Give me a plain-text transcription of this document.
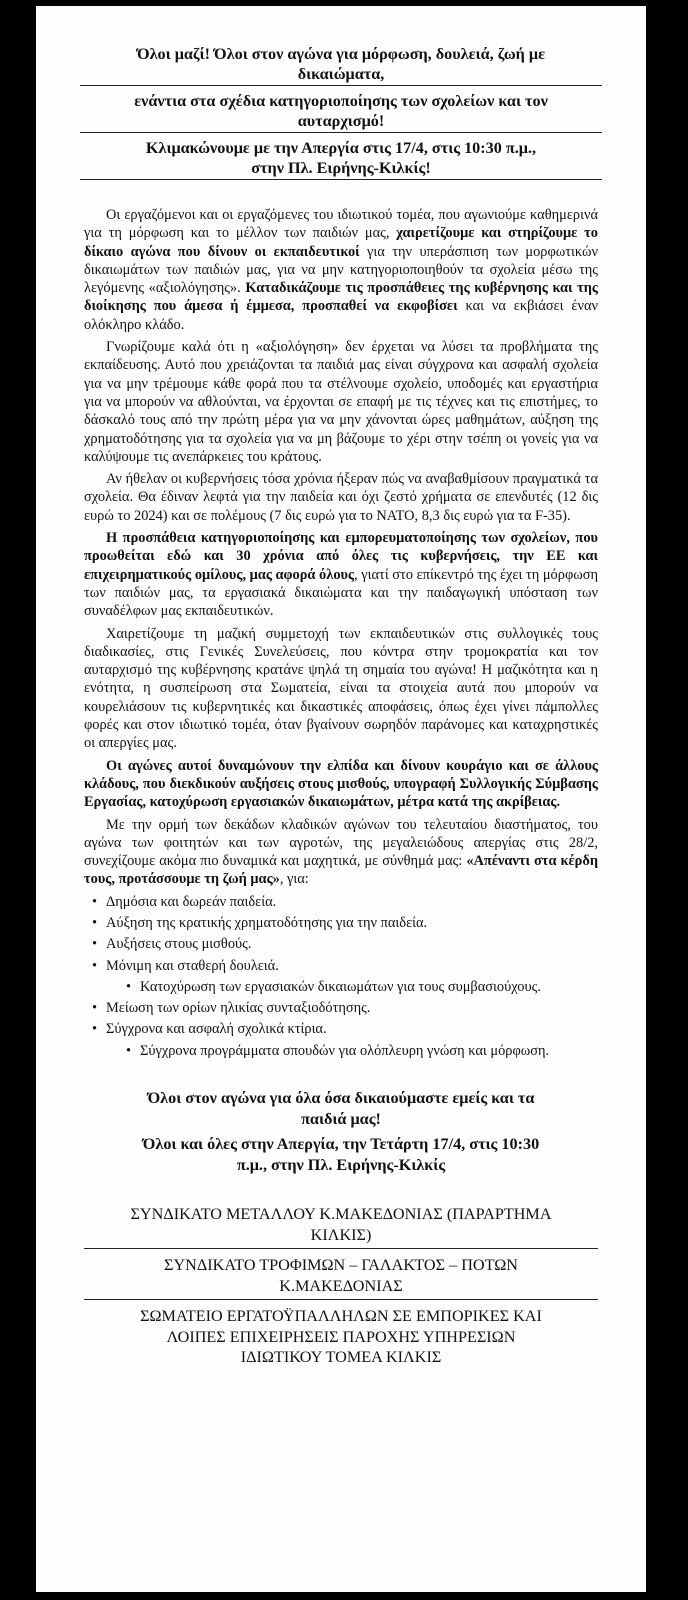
Όλοι μαζί! Όλοι στον αγώνα για μόρφωση, δουλειά, ζωή με
δικαιώματα,
ενάντια στα σχέδια κατηγοριοποίησης των σχολείων και τον
αυταρχισμό!
Κλιμακώνουμε με την Απεργία στις 17/4, στις 10:30 π.μ.,
στην Πλ. Ειρήνης-Κιλκίς!

Οι εργαζόμενοι και οι εργαζόμενες του ιδιωτικού τομέα, που αγωνιούμε καθημερινά για τη μόρφωση και το μέλλον των παιδιών μας, χαιρετίζουμε και στηρίζουμε το δίκαιο αγώνα που δίνουν οι εκπαιδευτικοί για την υπεράσπιση των μορφωτικών δικαιωμάτων των παιδιών μας, για να μην κατηγοριοποιηθούν τα σχολεία μέσω της λεγόμενης «αξιολόγησης». Καταδικάζουμε τις προσπάθειες της κυβέρνησης και της διοίκησης που άμεσα ή έμμεσα, προσπαθεί να εκφοβίσει και να εκβιάσει έναν ολόκληρο κλάδο.

Γνωρίζουμε καλά ότι η «αξιολόγηση» δεν έρχεται να λύσει τα προβλήματα της εκπαίδευσης. Αυτό που χρειάζονται τα παιδιά μας είναι σύγχρονα και ασφαλή σχολεία για να μην τρέμουμε κάθε φορά που τα στέλνουμε σχολείο, υποδομές και εργαστήρια για να μπορούν να αθλούνται, να έρχονται σε επαφή με τις τέχνες και τις επιστήμες, το δάσκαλό τους από την πρώτη μέρα για να μην χάνονται ώρες μαθημάτων, αύξηση της χρηματοδότησης για τα σχολεία για να μη βάζουμε το χέρι στην τσέπη οι γονείς για να καλύψουμε τις ανεπάρκειες του κράτους.

Αν ήθελαν οι κυβερνήσεις τόσα χρόνια ήξεραν πώς να αναβαθμίσουν πραγματικά τα σχολεία. Θα έδιναν λεφτά για την παιδεία και όχι ζεστό χρήματα σε επενδυτές (12 δις ευρώ το 2024) και σε πολέμους (7 δις ευρώ για το ΝΑΤΟ, 8,3 δις ευρώ για τα F-35).

Η προσπάθεια κατηγοριοποίησης και εμπορευματοποίησης των σχολείων, που προωθείται εδώ και 30 χρόνια από όλες τις κυβερνήσεις, την ΕΕ και επιχειρηματικούς ομίλους, μας αφορά όλους, γιατί στο επίκεντρό της έχει τη μόρφωση των παιδιών μας, τα εργασιακά δικαιώματα και την παιδαγωγική υπόσταση των συναδέλφων μας εκπαιδευτικών.

Χαιρετίζουμε τη μαζική συμμετοχή των εκπαιδευτικών στις συλλογικές τους διαδικασίες, στις Γενικές Συνελεύσεις, που κόντρα στην τρομοκρατία και τον αυταρχισμό της κυβέρνησης κρατάνε ψηλά τη σημαία του αγώνα! Η μαζικότητα και η ενότητα, η συσπείρωση στα Σωματεία, είναι τα στοιχεία αυτά που μπορούν να κουρελιάσουν τις κυβερνητικές και δικαστικές αποφάσεις, όπως έχει γίνει πάμπολλες φορές και στον ιδιωτικό τομέα, όταν βγαίνουν σωρηδόν παράνομες και καταχρηστικές οι απεργίες μας.

Οι αγώνες αυτοί δυναμώνουν την ελπίδα και δίνουν κουράγιο και σε άλλους κλάδους, που διεκδικούν αυξήσεις στους μισθούς, υπογραφή Συλλογικής Σύμβασης Εργασίας, κατοχύρωση εργασιακών δικαιωμάτων, μέτρα κατά της ακρίβειας.

Με την ορμή των δεκάδων κλαδικών αγώνων του τελευταίου διαστήματος, του αγώνα των φοιτητών και των αγροτών, της μεγαλειώδους απεργίας στις 28/2, συνεχίζουμε ακόμα πιο δυναμικά και μαχητικά, με σύνθημά μας: «Απέναντι στα κέρδη τους, προτάσσουμε τη ζωή μας», για:

• Δημόσια και δωρεάν παιδεία.
• Αύξηση της κρατικής χρηματοδότησης για την παιδεία.
• Αυξήσεις στους μισθούς.
• Μόνιμη και σταθερή δουλειά.
• Κατοχύρωση των εργασιακών δικαιωμάτων για τους συμβασιούχους.
• Μείωση των ορίων ηλικίας συνταξιοδότησης.
• Σύγχρονα και ασφαλή σχολικά κτίρια.
• Σύγχρονα προγράμματα σπουδών για ολόπλευρη γνώση και μόρφωση.
Όλοι στον αγώνα για όλα όσα δικαιούμαστε εμείς και τα
παιδιά μας!
Όλοι και όλες στην Απεργία, την Τετάρτη 17/4, στις 10:30
π.μ., στην Πλ. Ειρήνης-Κιλκίς
ΣΥΝΔΙΚΑΤΟ ΜΕΤΑΛΛΟΥ Κ.ΜΑΚΕΔΟΝΙΑΣ (ΠΑΡΑΡΤΗΜΑ
ΚΙΛΚΙΣ)
ΣΥΝΔΙΚΑΤΟ ΤΡΟΦΙΜΩΝ – ΓΑΛΑΚΤΟΣ – ΠΟΤΩΝ
Κ.ΜΑΚΕΔΟΝΙΑΣ
ΣΩΜΑΤΕΙΟ ΕΡΓΑΤΟΫΠΑΛΛΗΛΩΝ ΣΕ ΕΜΠΟΡΙΚΕΣ ΚΑΙ
ΛΟΙΠΕΣ ΕΠΙΧΕΙΡΗΣΕΙΣ ΠΑΡΟΧΗΣ ΥΠΗΡΕΣΙΩΝ
ΙΔΙΩΤΙΚΟΥ ΤΟΜΕΑ ΚΙΛΚΙΣ
